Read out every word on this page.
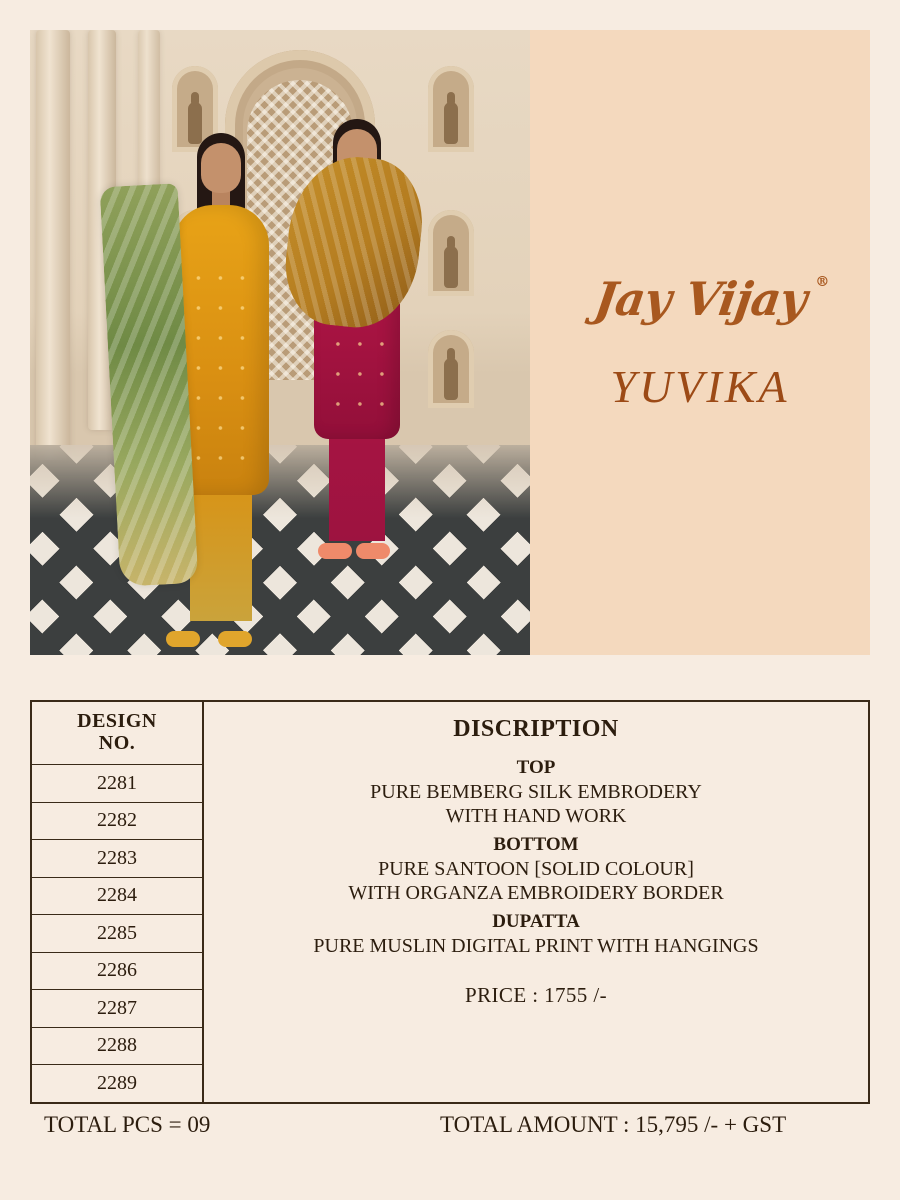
Jay Vijay ®
YUVIKA
DESIGN
NO.
2281
2282
2283
2284
2285
2286
2287
2288
2289
DISCRIPTION
TOP
PURE BEMBERG SILK EMBRODERY
WITH HAND WORK
BOTTOM
PURE SANTOON [SOLID COLOUR]
WITH ORGANZA EMBROIDERY BORDER
DUPATTA
PURE MUSLIN DIGITAL PRINT WITH HANGINGS
PRICE : 1755 /-
TOTAL PCS = 09	TOTAL AMOUNT : 15,795 /- + GST
